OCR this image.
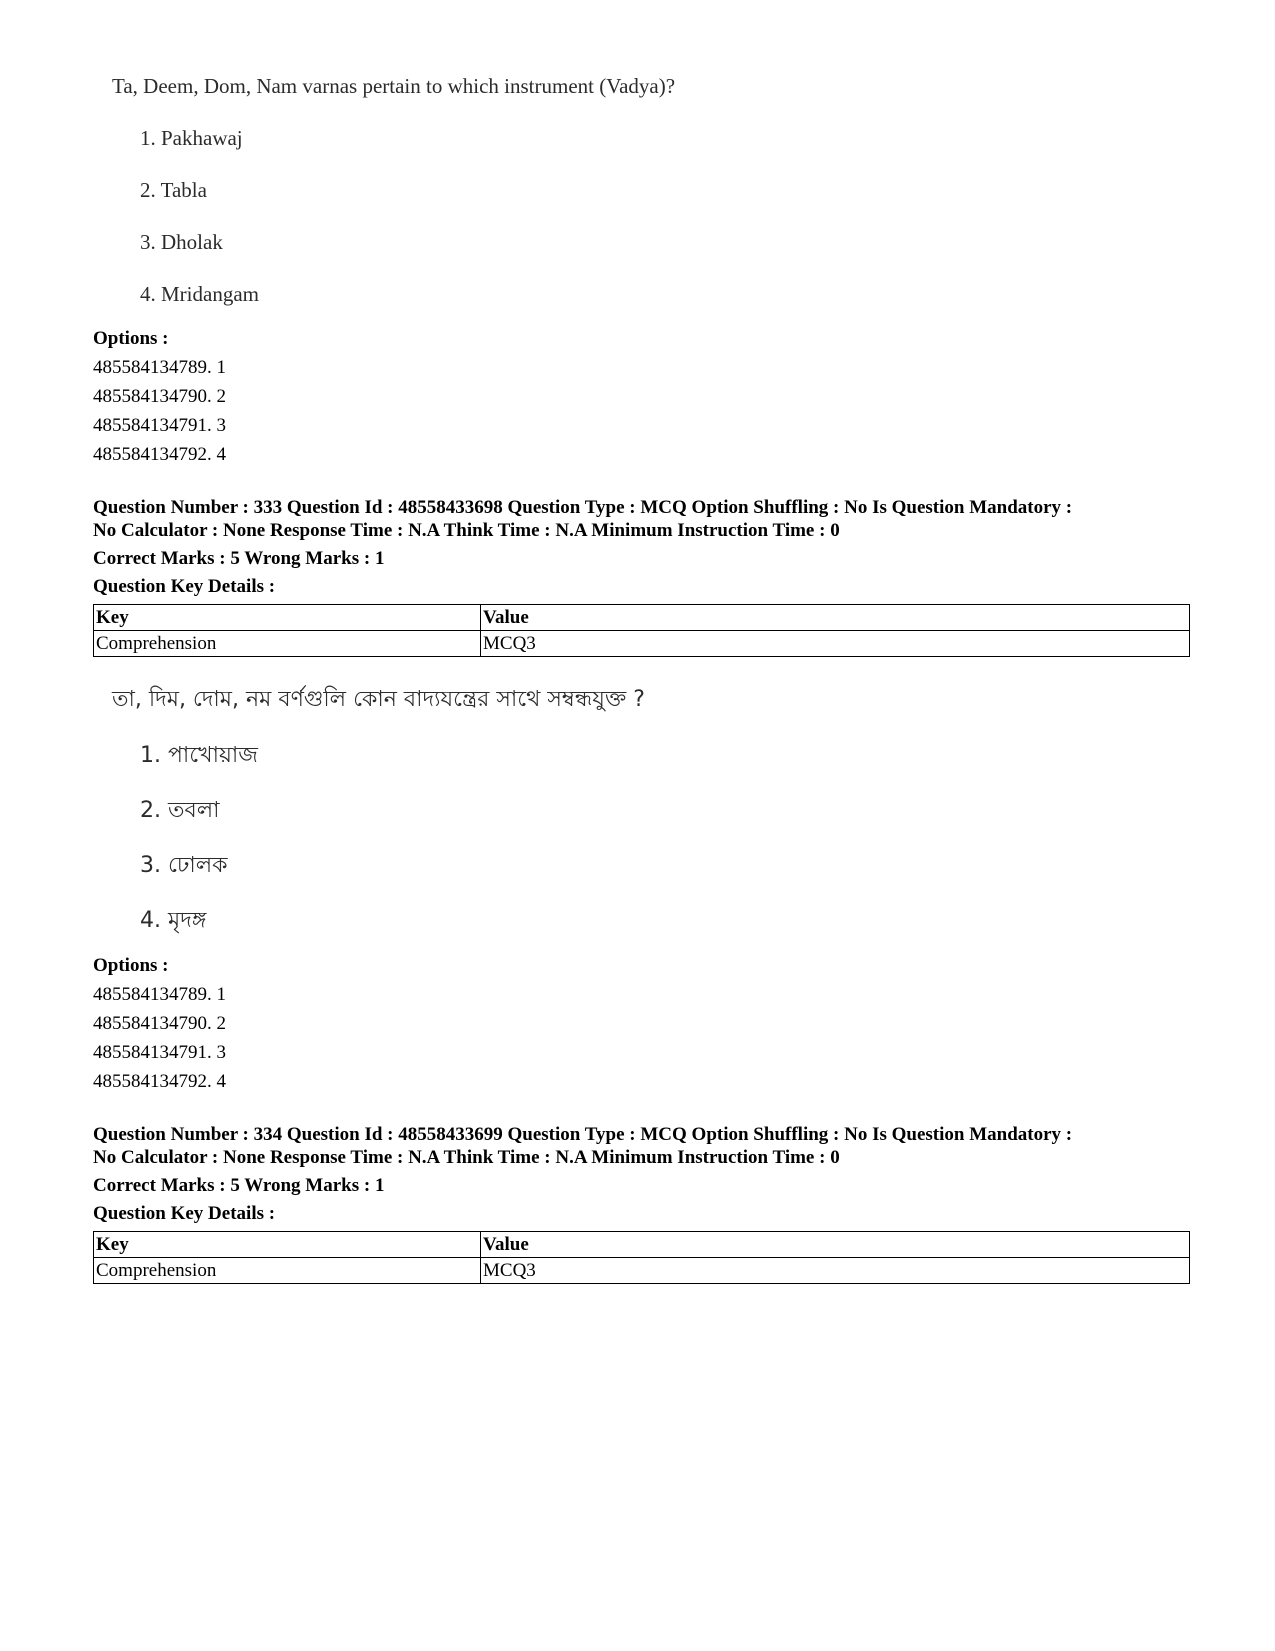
Ta, Deem, Dom, Nam varnas pertain to which instrument (Vadya)?
1. Pakhawaj
2. Tabla
3. Dholak
4. Mridangam
Options :
485584134789. 1
485584134790. 2
485584134791. 3
485584134792. 4
Question Number : 333 Question Id : 48558433698 Question Type : MCQ Option Shuffling : No Is Question Mandatory :
No Calculator : None Response Time : N.A Think Time : N.A Minimum Instruction Time : 0
Correct Marks : 5 Wrong Marks : 1
Question Key Details :
Key	Value
Comprehension	MCQ3
তা, দিম, দোম, নম বর্ণগুলি কোন বাদ্যযন্ত্রের সাথে সম্বন্ধযুক্ত ?
1. পাখোয়াজ
2. তবলা
3. ঢোলক
4. মৃদঙ্গ
Options :
485584134789. 1
485584134790. 2
485584134791. 3
485584134792. 4
Question Number : 334 Question Id : 48558433699 Question Type : MCQ Option Shuffling : No Is Question Mandatory :
No Calculator : None Response Time : N.A Think Time : N.A Minimum Instruction Time : 0
Correct Marks : 5 Wrong Marks : 1
Question Key Details :
Key	Value
Comprehension	MCQ3
